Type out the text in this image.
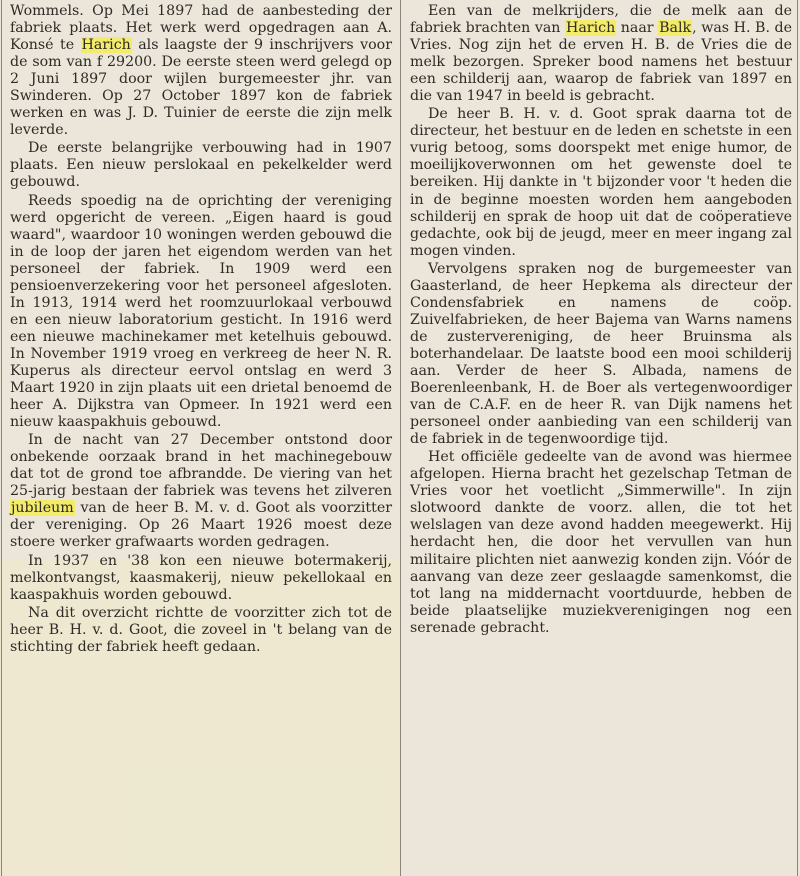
Wommels. Op Mei 1897 had de aanbesteding der fabriek plaats. Het werk werd opgedragen aan A. Konsé te Harich als laagste der 9 inschrijvers voor de som van f 29200. De eerste steen werd gelegd op 2 Juni 1897 door wijlen burgemeester jhr. van Swinderen. Op 27 October 1897 kon de fabriek werken en was J. D. Tuinier de eerste die zijn melk leverde.

De eerste belangrijke verbouwing had in 1907 plaats. Een nieuw perslokaal en pekelkelder werd gebouwd.

Reeds spoedig na de oprichting der vereniging werd opgericht de vereen. „Eigen haard is goud waard", waardoor 10 woningen werden gebouwd die in de loop der jaren het eigendom werden van het personeel der fabriek. In 1909 werd een pensioenverzekering voor het personeel afgesloten. In 1913, 1914 werd het roomzuurlokaal verbouwd en een nieuw laboratorium gesticht. In 1916 werd een nieuwe machinekamer met ketelhuis gebouwd. In November 1919 vroeg en verkreeg de heer N. R. Kuperus als directeur eervol ontslag en werd 3 Maart 1920 in zijn plaats uit een drietal benoemd de heer A. Dijkstra van Opmeer. In 1921 werd een nieuw kaaspakhuis gebouwd.

In de nacht van 27 December ontstond door onbekende oorzaak brand in het machinegebouw dat tot de grond toe afbrandde. De viering van het 25-jarig bestaan der fabriek was tevens het zilveren jubileum van de heer B. M. v. d. Goot als voorzitter der vereniging. Op 26 Maart 1926 moest deze stoere werker grafwaarts worden gedragen.

In 1937 en '38 kon een nieuwe botermakerij, melkontvangst, kaasmakerij, nieuw pekellokaal en kaaspakhuis worden gebouwd.

Na dit overzicht richtte de voorzitter zich tot de heer B. H. v. d. Goot, die zoveel in 't belang van de stichting der fabriek heeft gedaan.

Een van de melkrijders, die de melk aan de fabriek brachten van Harich naar Balk, was H. B. de Vries. Nog zijn het de erven H. B. de Vries die de melk bezorgen. Spreker bood namens het bestuur een schilderij aan, waarop de fabriek van 1897 en die van 1947 in beeld is gebracht.

De heer B. H. v. d. Goot sprak daarna tot de directeur, het bestuur en de leden en schetste in een vurig betoog, soms doorspekt met enige humor, de moeilijkoverwonnen om het gewenste doel te bereiken. Hij dankte in 't bijzonder voor 't heden die in de beginne moesten worden hem aangeboden schilderij en sprak de hoop uit dat de coöperatieve gedachte, ook bij de jeugd, meer en meer ingang zal mogen vinden.

Vervolgens spraken nog de burgemeester van Gaasterland, de heer Hepkema als directeur der Condensfabriek en namens de coöp. Zuivelfabrieken, de heer Bajema van Warns namens de zustervereniging, de heer Bruinsma als boterhandelaar. De laatste bood een mooi schilderij aan. Verder de heer S. Albada, namens de Boerenleenbank, H. de Boer als vertegenwoordiger van de C.A.F. en de heer R. van Dijk namens het personeel onder aanbieding van een schilderij van de fabriek in de tegenwoordige tijd.

Het officiële gedeelte van de avond was hiermee afgelopen. Hierna bracht het gezelschap Tetman de Vries voor het voetlicht „Simmerwille". In zijn slotwoord dankte de voorz. allen, die tot het welslagen van deze avond hadden meegewerkt. Hij herdacht hen, die door het vervullen van hun militaire plichten niet aanwezig konden zijn. Vóór de aanvang van deze zeer geslaagde samenkomst, die tot lang na middernacht voortduurde, hebben de beide plaatselijke muziekverenigingen nog een serenade gebracht.
